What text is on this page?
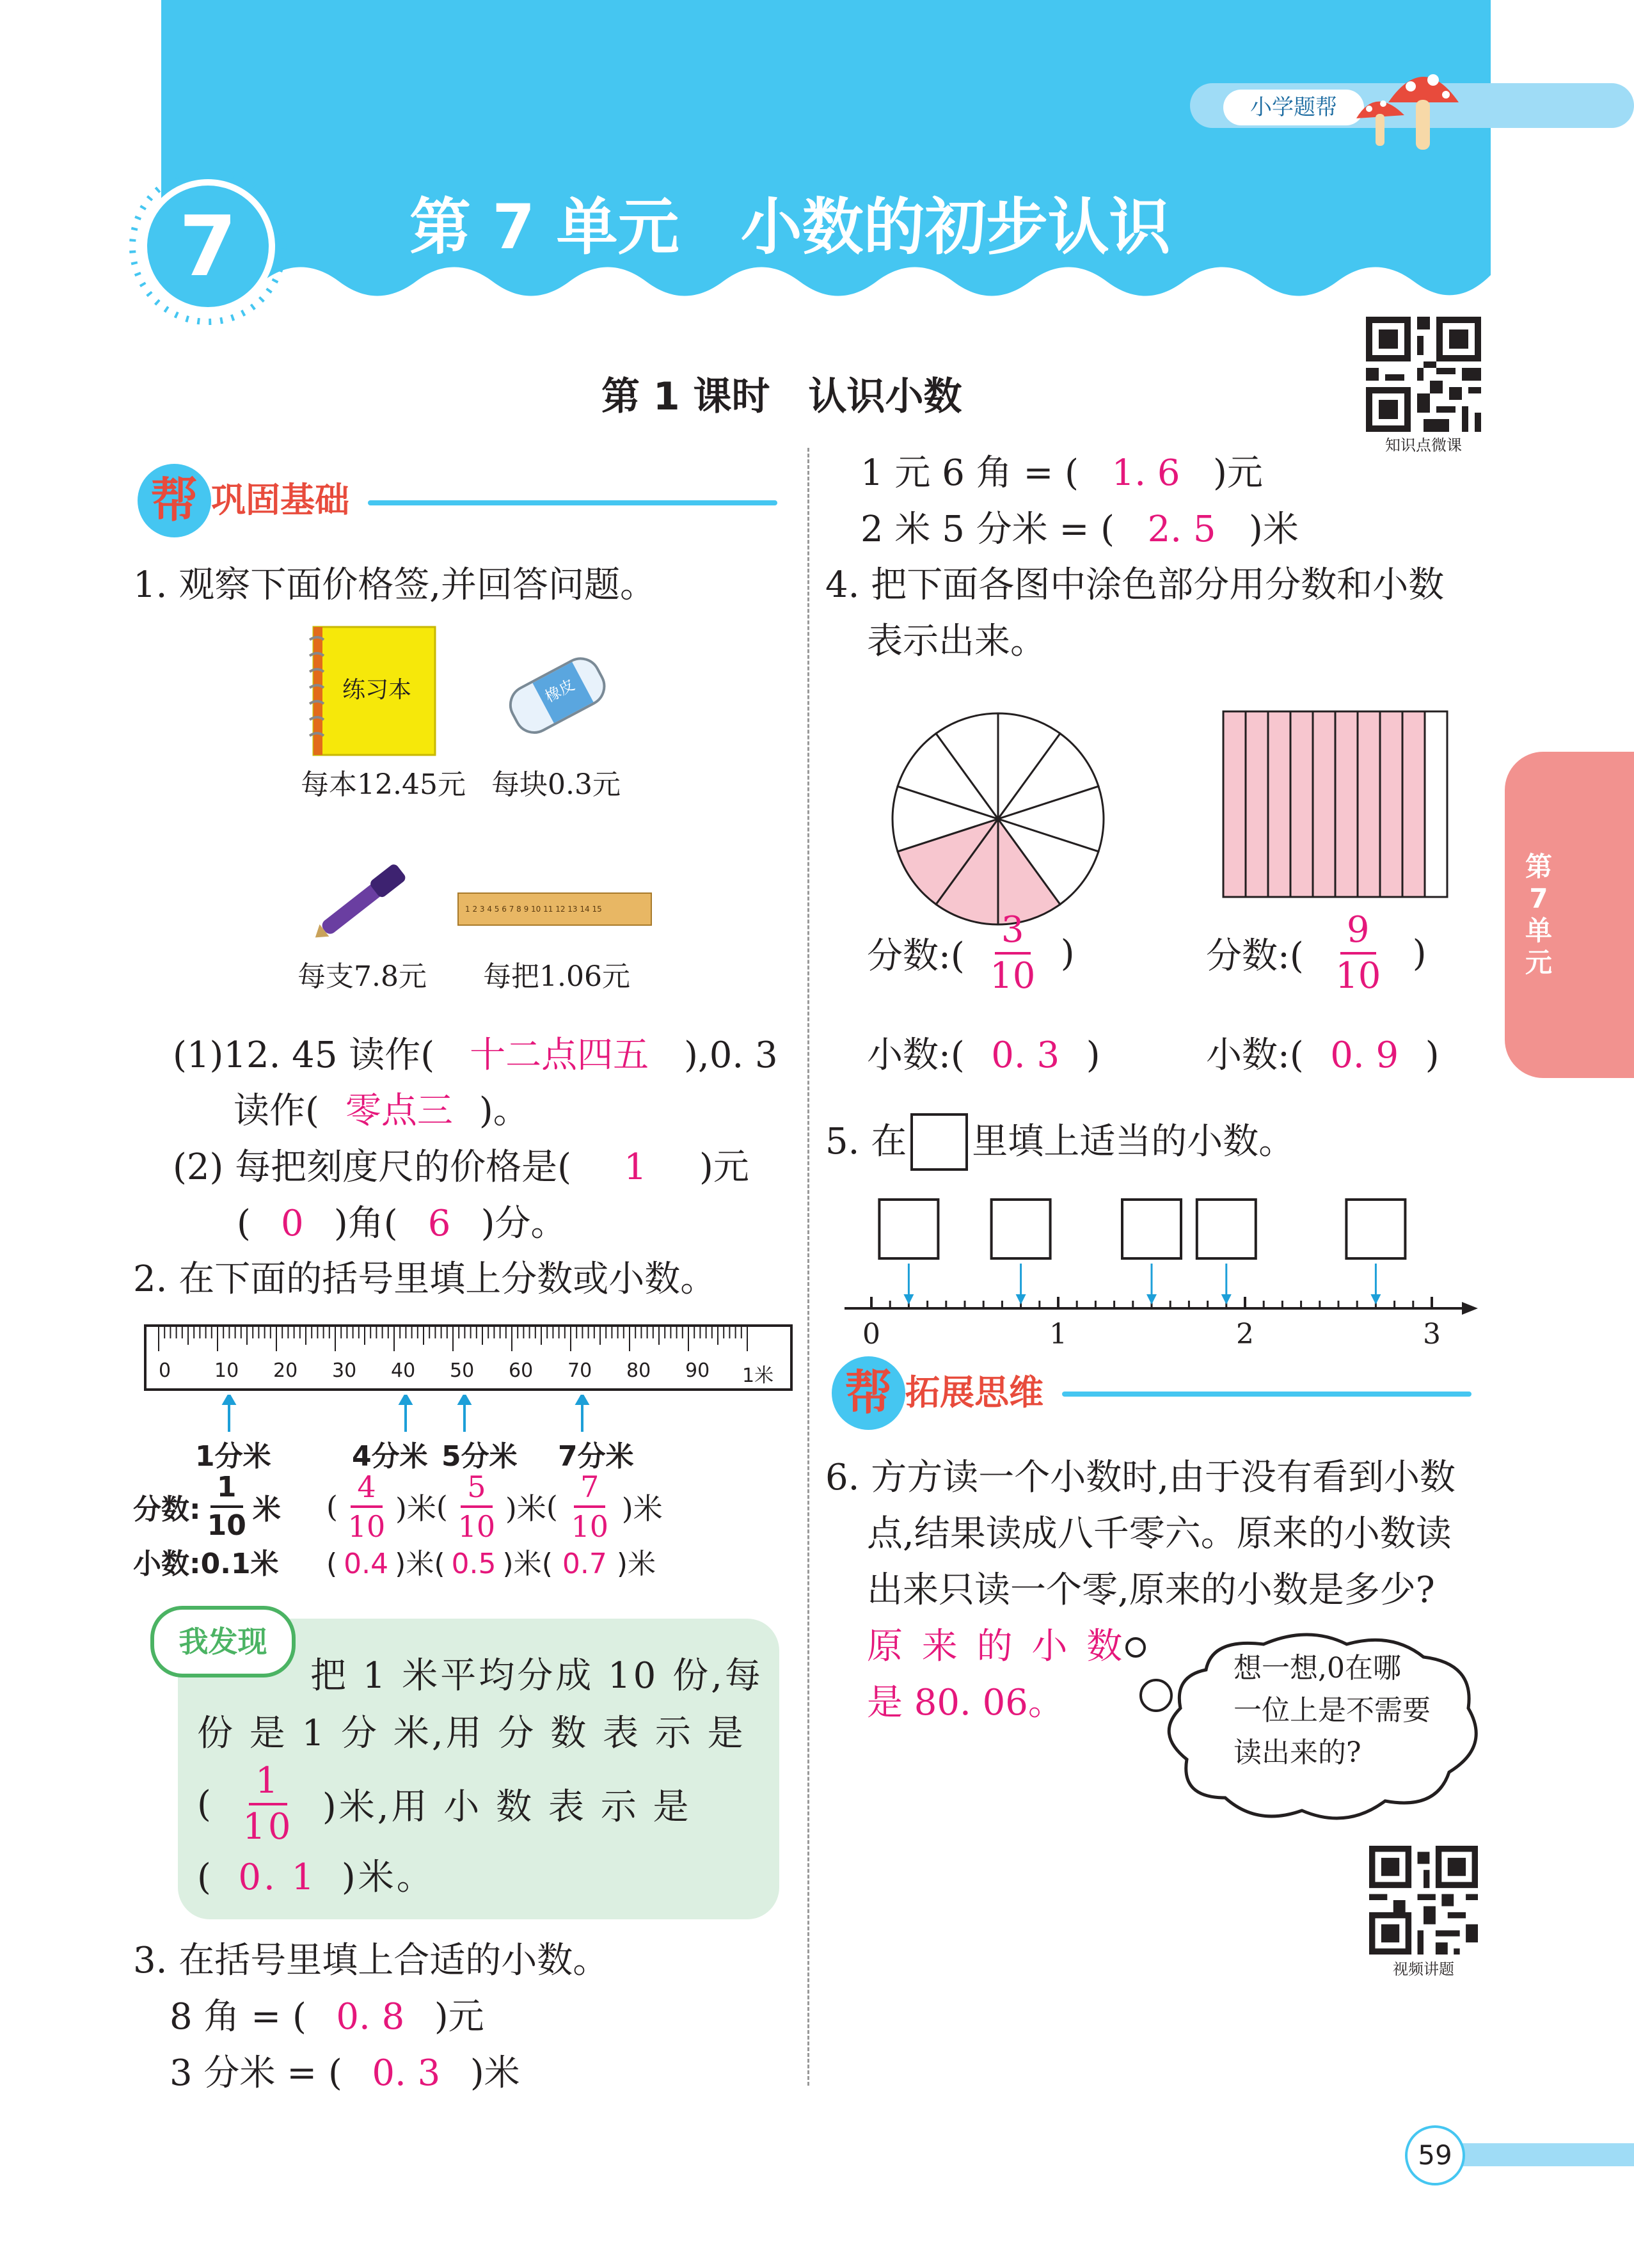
7	第 7 单元　小数的初步认识
小学题帮
知识点微课
第 1 课时　认识小数
第
7
单
元
帮 巩固基础
1. 观察下面价格签,并回答问题。
练习本
每本12.45元
橡皮
每块0.3元
每支7.8元
1 2 3 4 5 6 7 8 9 10 11 12 13 14 15
每把1.06元
(1)12. 45 读作( 十二点四五 ),0. 3
读作( 零点三 )。
(2) 每把刻度尺的价格是( 1 )元
( 0 )角( 6 )分。
2. 在下面的括号里填上分数或小数。
0 10 20 30 40 50 60 70 80 90 1米
1分米	4分米 5分米 7分米
分数: $\frac{1}{10}$ 米 ( $\frac{4}{10}$ )米 ( $\frac{5}{10}$ )米 ( $\frac{7}{10}$ )米
小数:0.1米 ( 0.4 )米( 0.5 )米( 0.7 )米
我发现
把 1 米平均分成 10 份,每
份 是 1 分 米,用 分 数 表 示 是
( $\frac{1}{10}$ )米,用 小 数 表 示 是
( 0. 1 )米。
3. 在括号里填上合适的小数。
8 角 = ( 0. 8 )元
3 分米 = ( 0. 3 )米
1 元 6 角 = ( 1. 6 )元
2 米 5 分米 = ( 2. 5 )米
4. 把下面各图中涂色部分用分数和小数
表示出来。
分数:( $\frac{3}{10}$ )	分数:( $\frac{9}{10}$ )
小数:( 0. 3 )	小数:( 0. 9 )
5. 在 里填上适当的小数。
0	1	2	3
帮 拓展思维
6. 方方读一个小数时,由于没有看到小数
点,结果读成八千零六。原来的小数读
出来只读一个零,原来的小数是多少?
原 来 的 小 数
是 80. 06。
想一想,0在哪
一位上是不需要
读出来的?
视频讲题
59
